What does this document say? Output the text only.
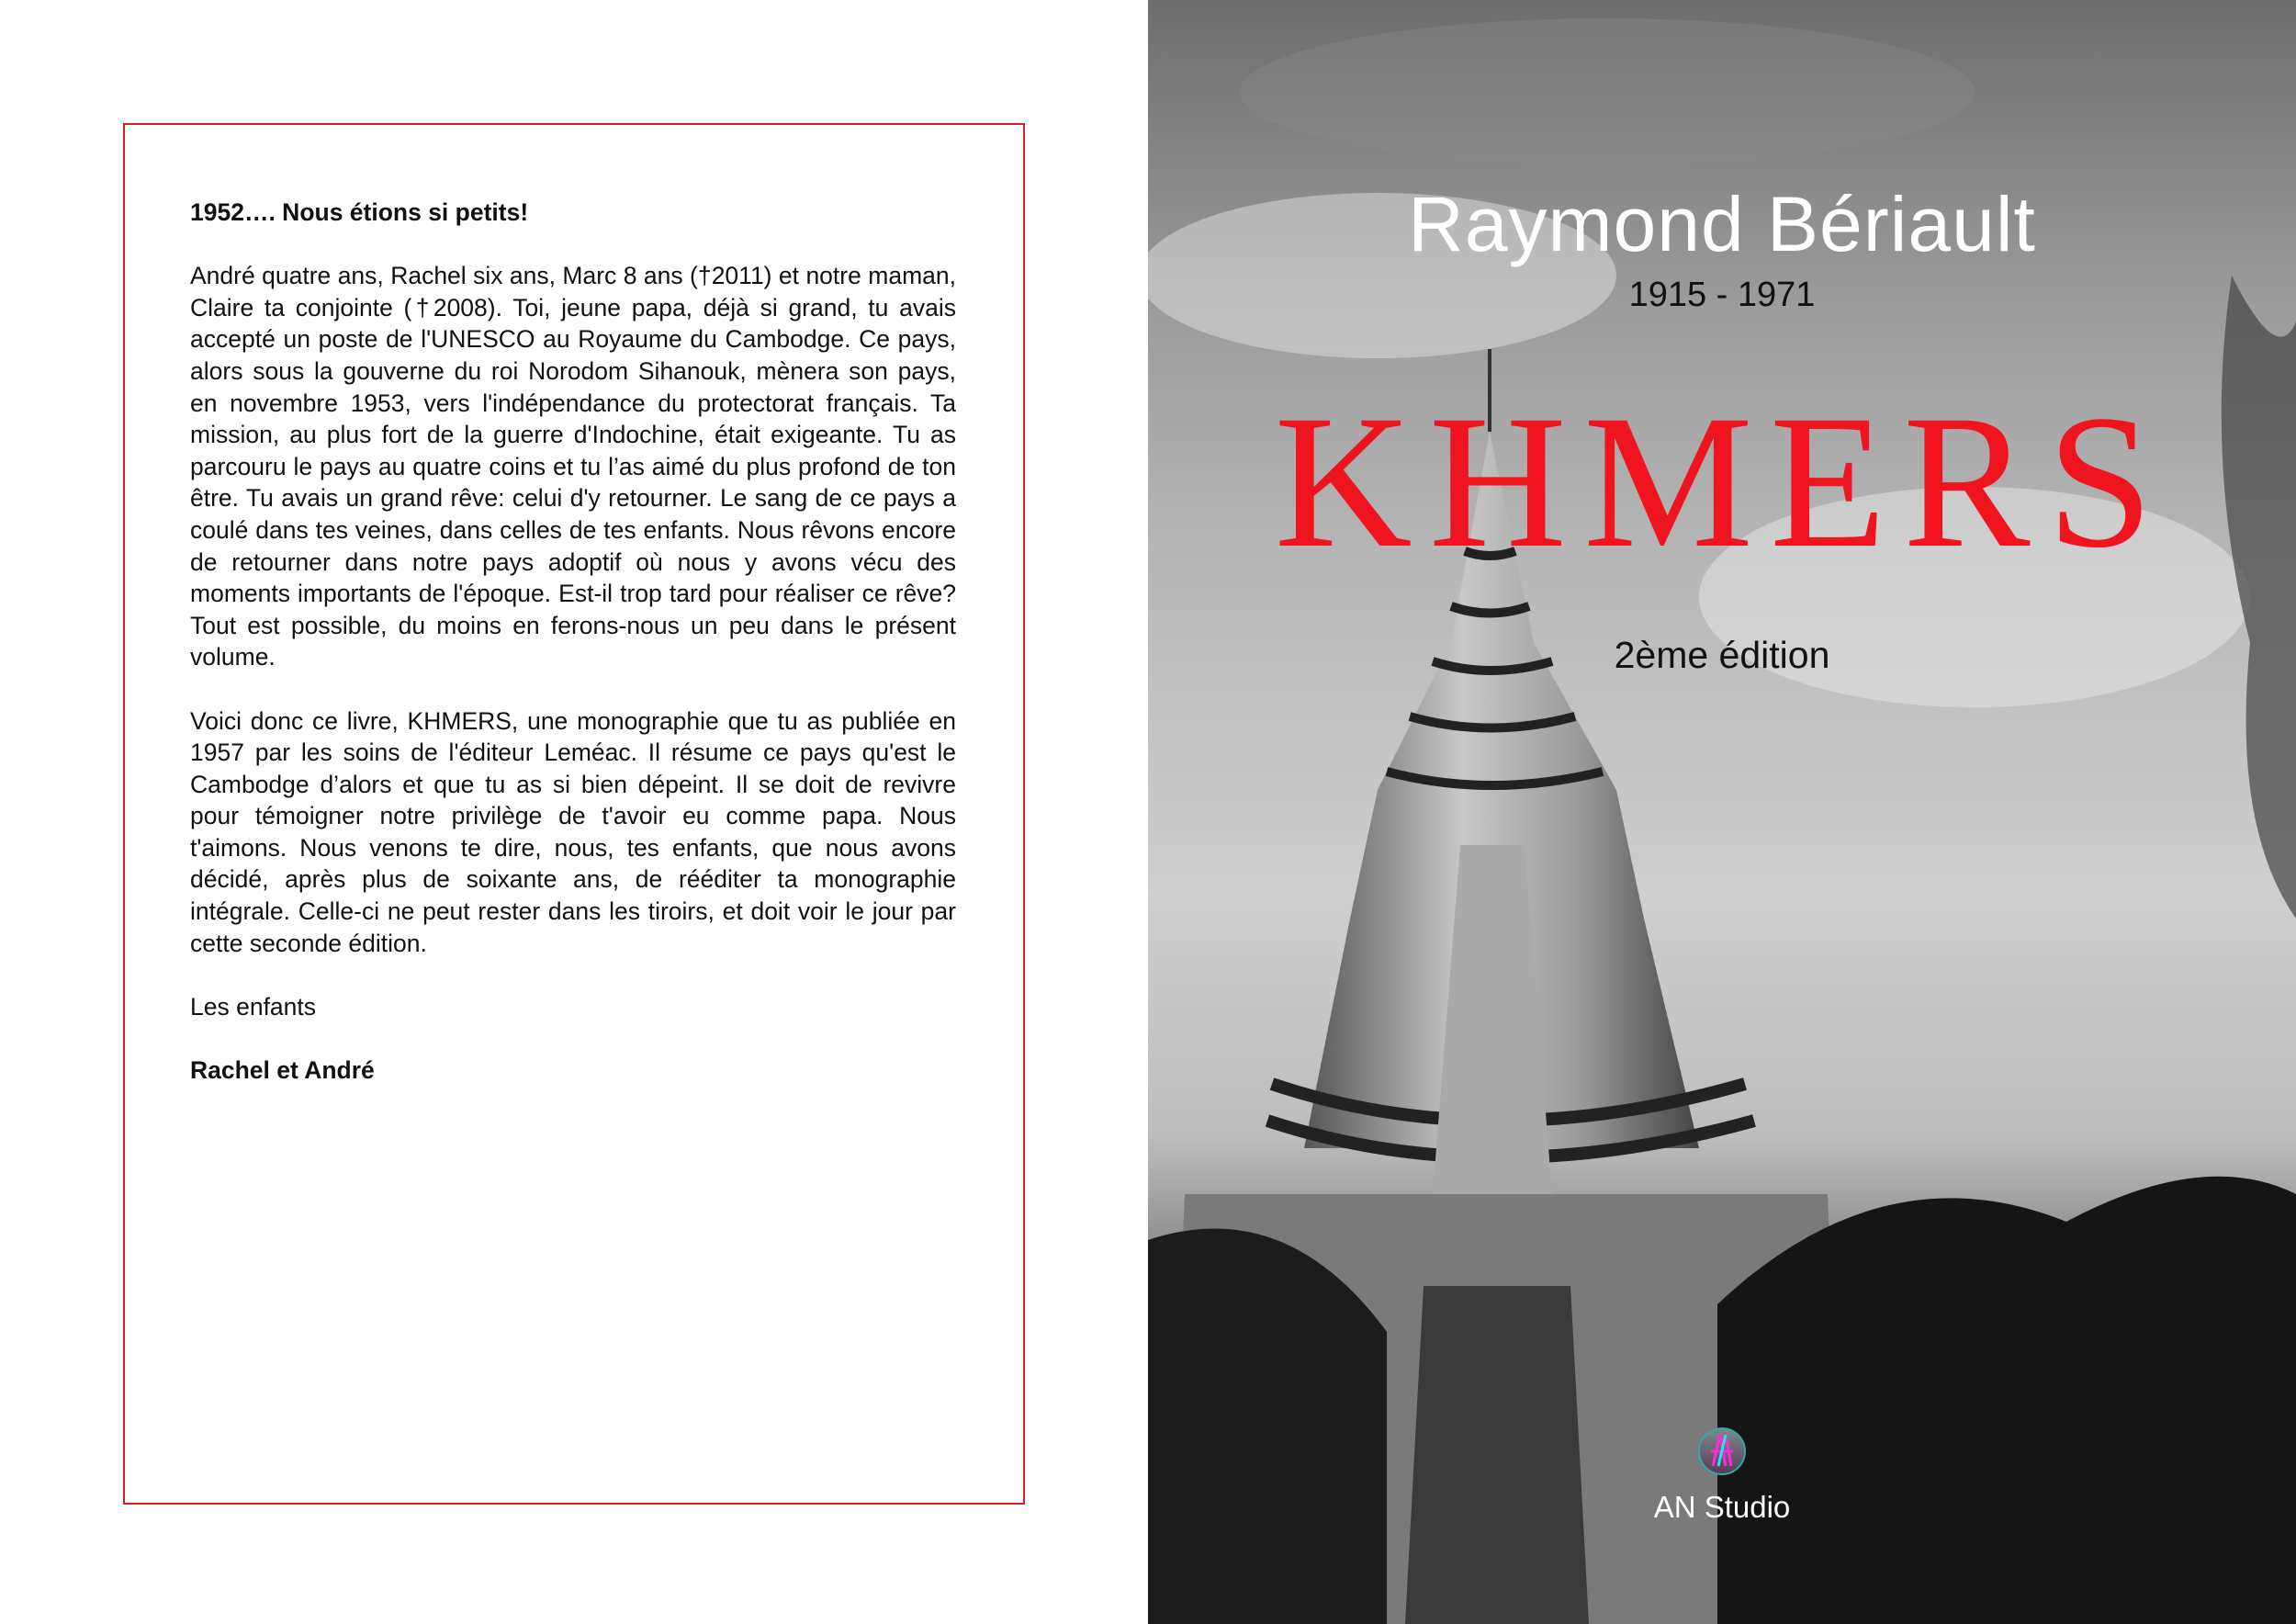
1952…. Nous étions si petits!

André quatre ans, Rachel six ans, Marc 8 ans (†2011) et notre maman, Claire ta conjointe (†2008). Toi, jeune papa, déjà si grand, tu avais accepté un poste de l'UNESCO au Royaume du Cambodge. Ce pays, alors sous la gouverne du roi Norodom Sihanouk, mènera son pays, en novembre 1953, vers l'indépendance du protectorat français. Ta mission, au plus fort de la guerre d'Indochine, était exigeante. Tu as parcouru le pays au quatre coins et tu l’as aimé du plus profond de ton être. Tu avais un grand rêve: celui d'y retourner. Le sang de ce pays a coulé dans tes veines, dans celles de tes enfants. Nous rêvons encore de retourner dans notre pays adoptif où nous y avons vécu des moments importants de l'époque. Est-il trop tard pour réaliser ce rêve? Tout est possible, du moins en ferons-nous un peu dans le présent volume.

Voici donc ce livre, KHMERS, une monographie que tu as publiée en 1957 par les soins de l'éditeur Leméac. Il résume ce pays qu'est le Cambodge d’alors et que tu as si bien dépeint. Il se doit de revivre pour témoigner notre privilège de t'avoir eu comme papa. Nous t'aimons. Nous venons te dire, nous, tes enfants, que nous avons décidé, après plus de soixante ans, de rééditer ta monographie intégrale. Celle-ci ne peut rester dans les tiroirs, et doit voir le jour par cette seconde édition.

Les enfants

Rachel et André

Raymond Bériault
1915 - 1971
KHMERS
2ème édition
AN Studio
